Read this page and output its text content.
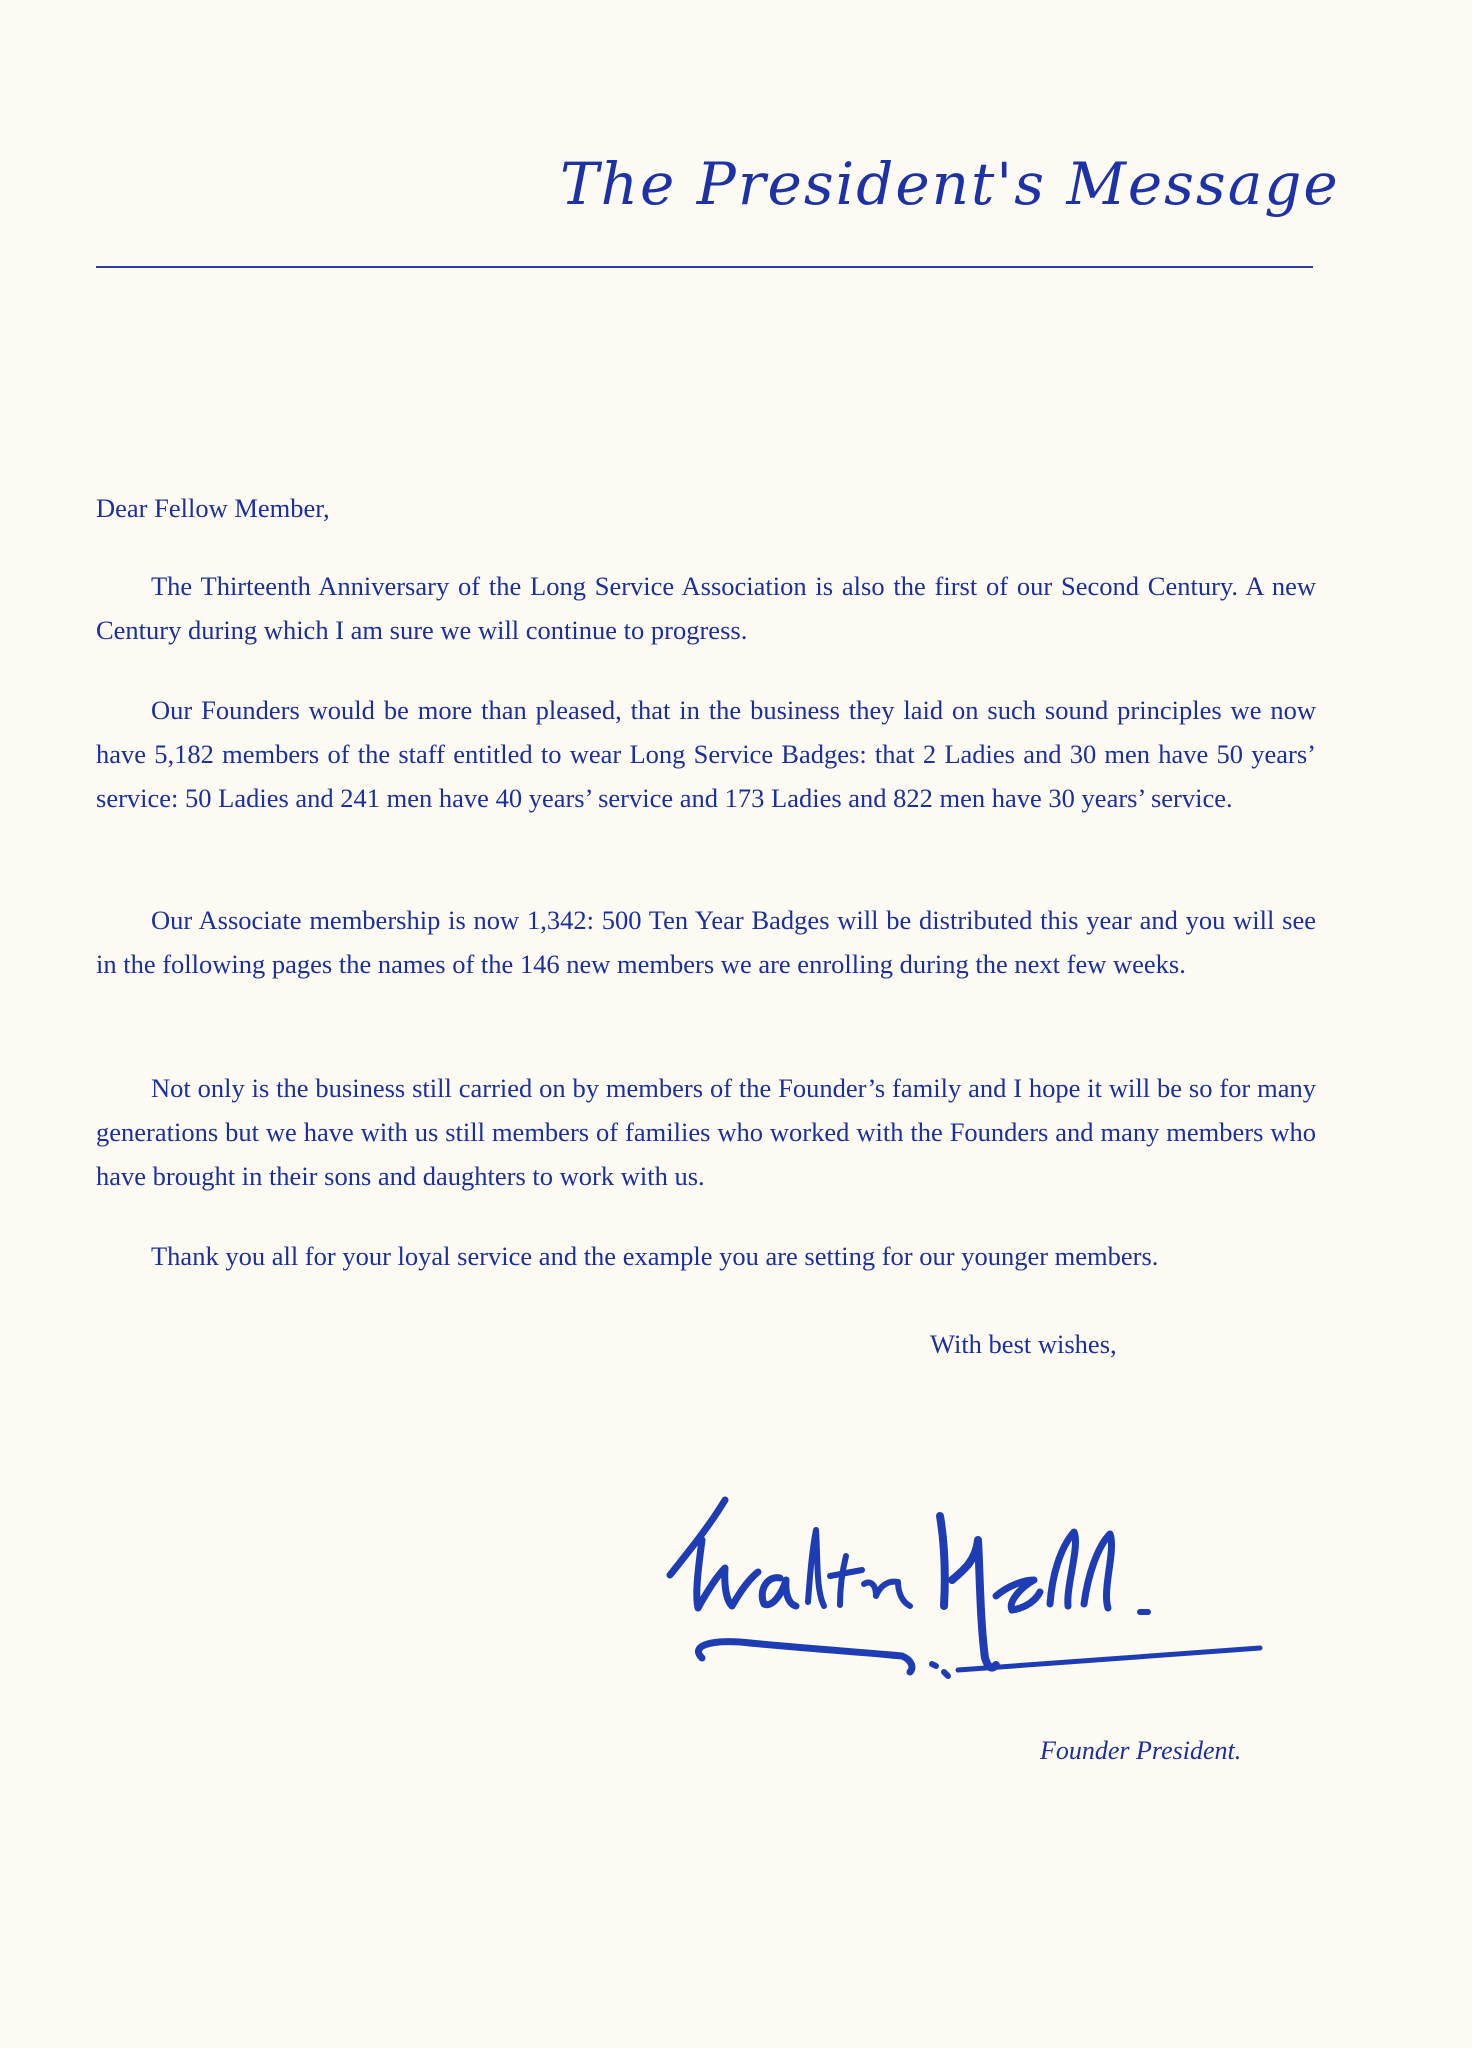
The President's Message
Dear Fellow Member,

The Thirteenth Anniversary of the Long Service Association is also the first of our Second Century. A new Century during which I am sure we will continue to progress.

Our Founders would be more than pleased, that in the business they laid on such sound principles we now have 5,182 members of the staff entitled to wear Long Service Badges: that 2 Ladies and 30 men have 50 years’ service: 50 Ladies and 241 men have 40 years’ service and 173 Ladies and 822 men have 30 years’ service.

Our Associate membership is now 1,342: 500 Ten Year Badges will be distributed this year and you will see in the following pages the names of the 146 new members we are enrolling during the next few weeks.

Not only is the business still carried on by members of the Founder’s family and I hope it will be so for many generations but we have with us still members of families who worked with the Founders and many members who have brought in their sons and daughters to work with us.

Thank you all for your loyal service and the example you are setting for our younger members.

With best wishes,
Founder President.
